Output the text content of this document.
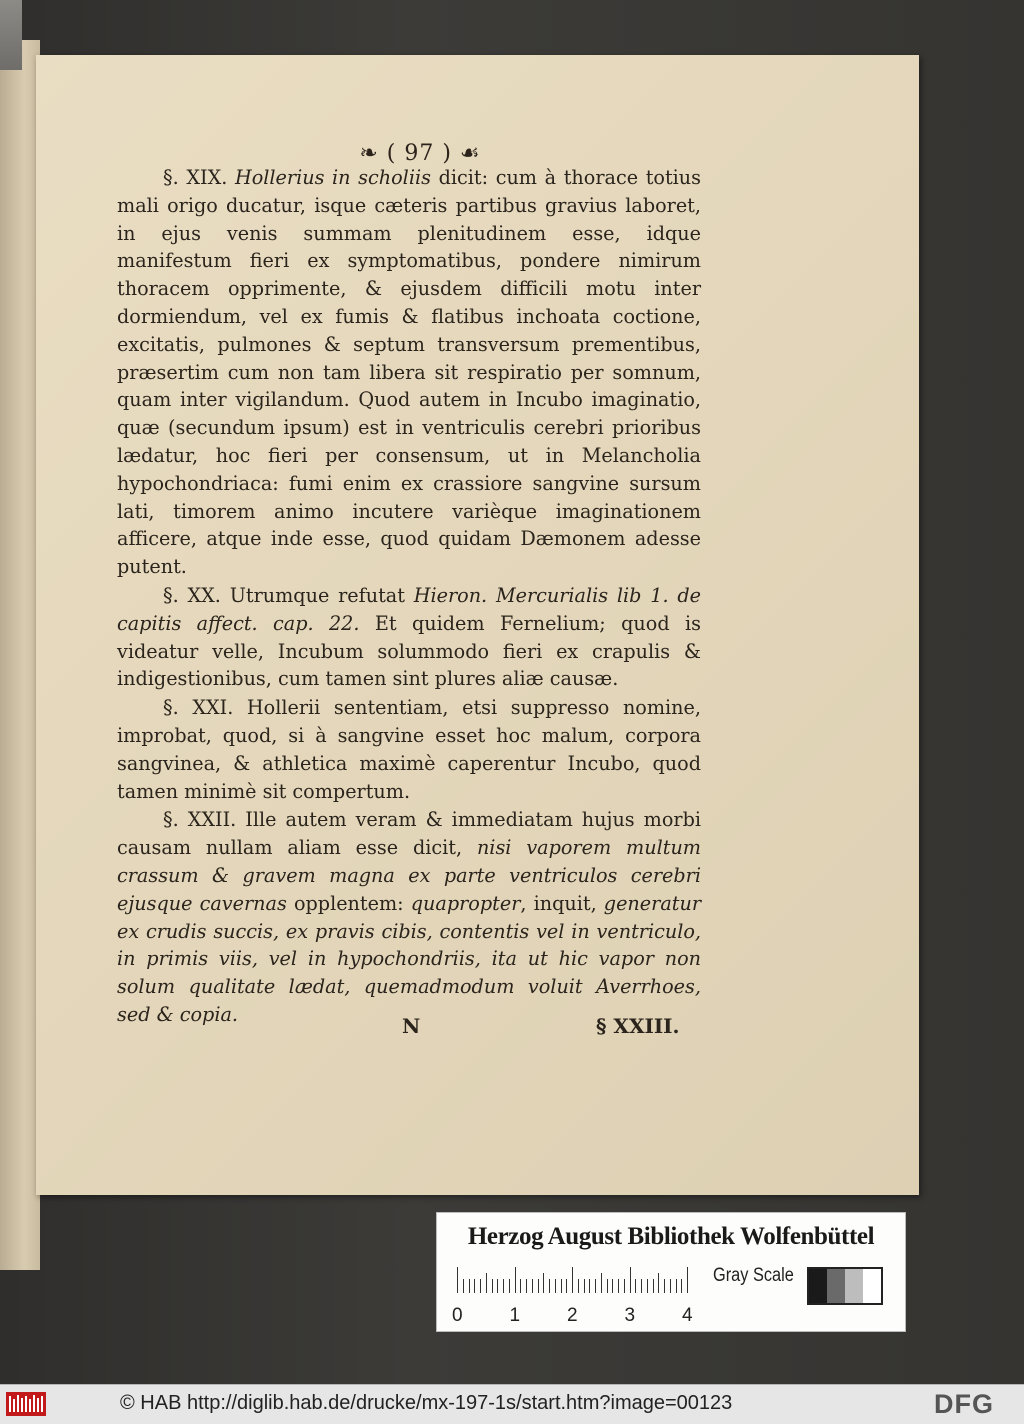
❧ ( 97 ) ☙

§. XIX. Hollerius in scholiis dicit: cum à thorace totius mali origo ducatur, isque cæteris partibus gravius laboret, in ejus venis summam plenitudinem esse, idque manifestum fieri ex symptomatibus, pondere nimirum thoracem opprimente, & ejusdem difficili motu inter dormiendum, vel ex fumis & flatibus inchoata coctione, excitatis, pulmones & septum transversum prementibus, præsertim cum non tam libera sit respiratio per somnum, quam inter vigilandum. Quod autem in Incubo imaginatio, quæ (secundum ipsum) est in ventriculis cerebri prioribus lædatur, hoc fieri per consensum, ut in Melancholia hypochondriaca: fumi enim ex crassiore sangvine sursum lati, timorem animo incutere varièque imaginationem afficere, atque inde esse, quod quidam Dæmonem adesse putent.

§. XX. Utrumque refutat Hieron. Mercurialis lib 1. de capitis affect. cap. 22. Et quidem Fernelium; quod is videatur velle, Incubum solummodo fieri ex crapulis & indigestionibus, cum tamen sint plures aliæ causæ.

§. XXI. Hollerii sententiam, etsi suppresso nomine, improbat, quod, si à sangvine esset hoc malum, corpora sangvinea, & athletica maximè caperentur Incubo, quod tamen minimè sit compertum.

§. XXII. Ille autem veram & immediatam hujus morbi causam nullam aliam esse dicit, nisi vaporem multum crassum & gravem magna ex parte ventriculos cerebri ejusque cavernas opplentem: quapropter, inquit, generatur ex crudis succis, ex pravis cibis, contentis vel in ventriculo, in primis viis, vel in hypochondriis, ita ut hic vapor non solum qualitate lædat, quemadmodum voluit Averrhoes, sed & copia.	N	§ XXIII.
Herzog August Bibliothek Wolfenbüttel
0 1 2 3 4
Gray Scale
© HAB http://diglib.hab.de/drucke/mx-197-1s/start.htm?image=00123	DFG
